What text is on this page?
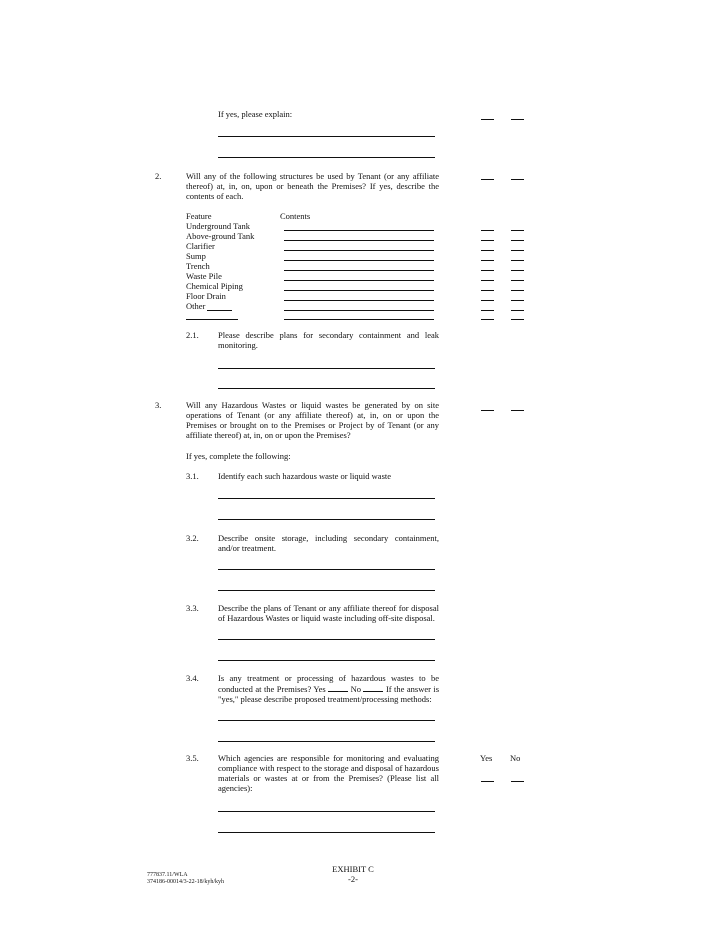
If yes, please explain:
2.	Will any of the following structures be used by Tenant (or any affiliate thereof) at, in, on, upon or beneath the Premises? If yes, describe the contents of each.
Feature	Contents
Underground Tank
Above-ground Tank
Clarifier
Sump
Trench
Waste Pile
Chemical Piping
Floor Drain
Other
2.1. Please describe plans for secondary containment and leak monitoring.
3.	Will any Hazardous Wastes or liquid wastes be generated by on site operations of Tenant (or any affiliate thereof) at, in, on or upon the Premises or brought on to the Premises or Project by of Tenant (or any affiliate thereof) at, in, on or upon the Premises?
If yes, complete the following:
3.1. Identify each such hazardous waste or liquid waste
3.2. Describe onsite storage, including secondary containment, and/or treatment.
3.3. Describe the plans of Tenant or any affiliate thereof for disposal of Hazardous Wastes or liquid waste including off-site disposal.
3.4. Is any treatment or processing of hazardous wastes to be conducted at the Premises? Yes	No	If the answer is "yes," please describe proposed treatment/processing methods:
3.5. Which agencies are responsible for monitoring and evaluating compliance with respect to the storage and disposal of hazardous materials or wastes at or from the Premises? (Please list all agencies):
Yes No
777837.11/WLA
374186-00014/3-22-18/kyh/kyh
EXHIBIT C
-2-
